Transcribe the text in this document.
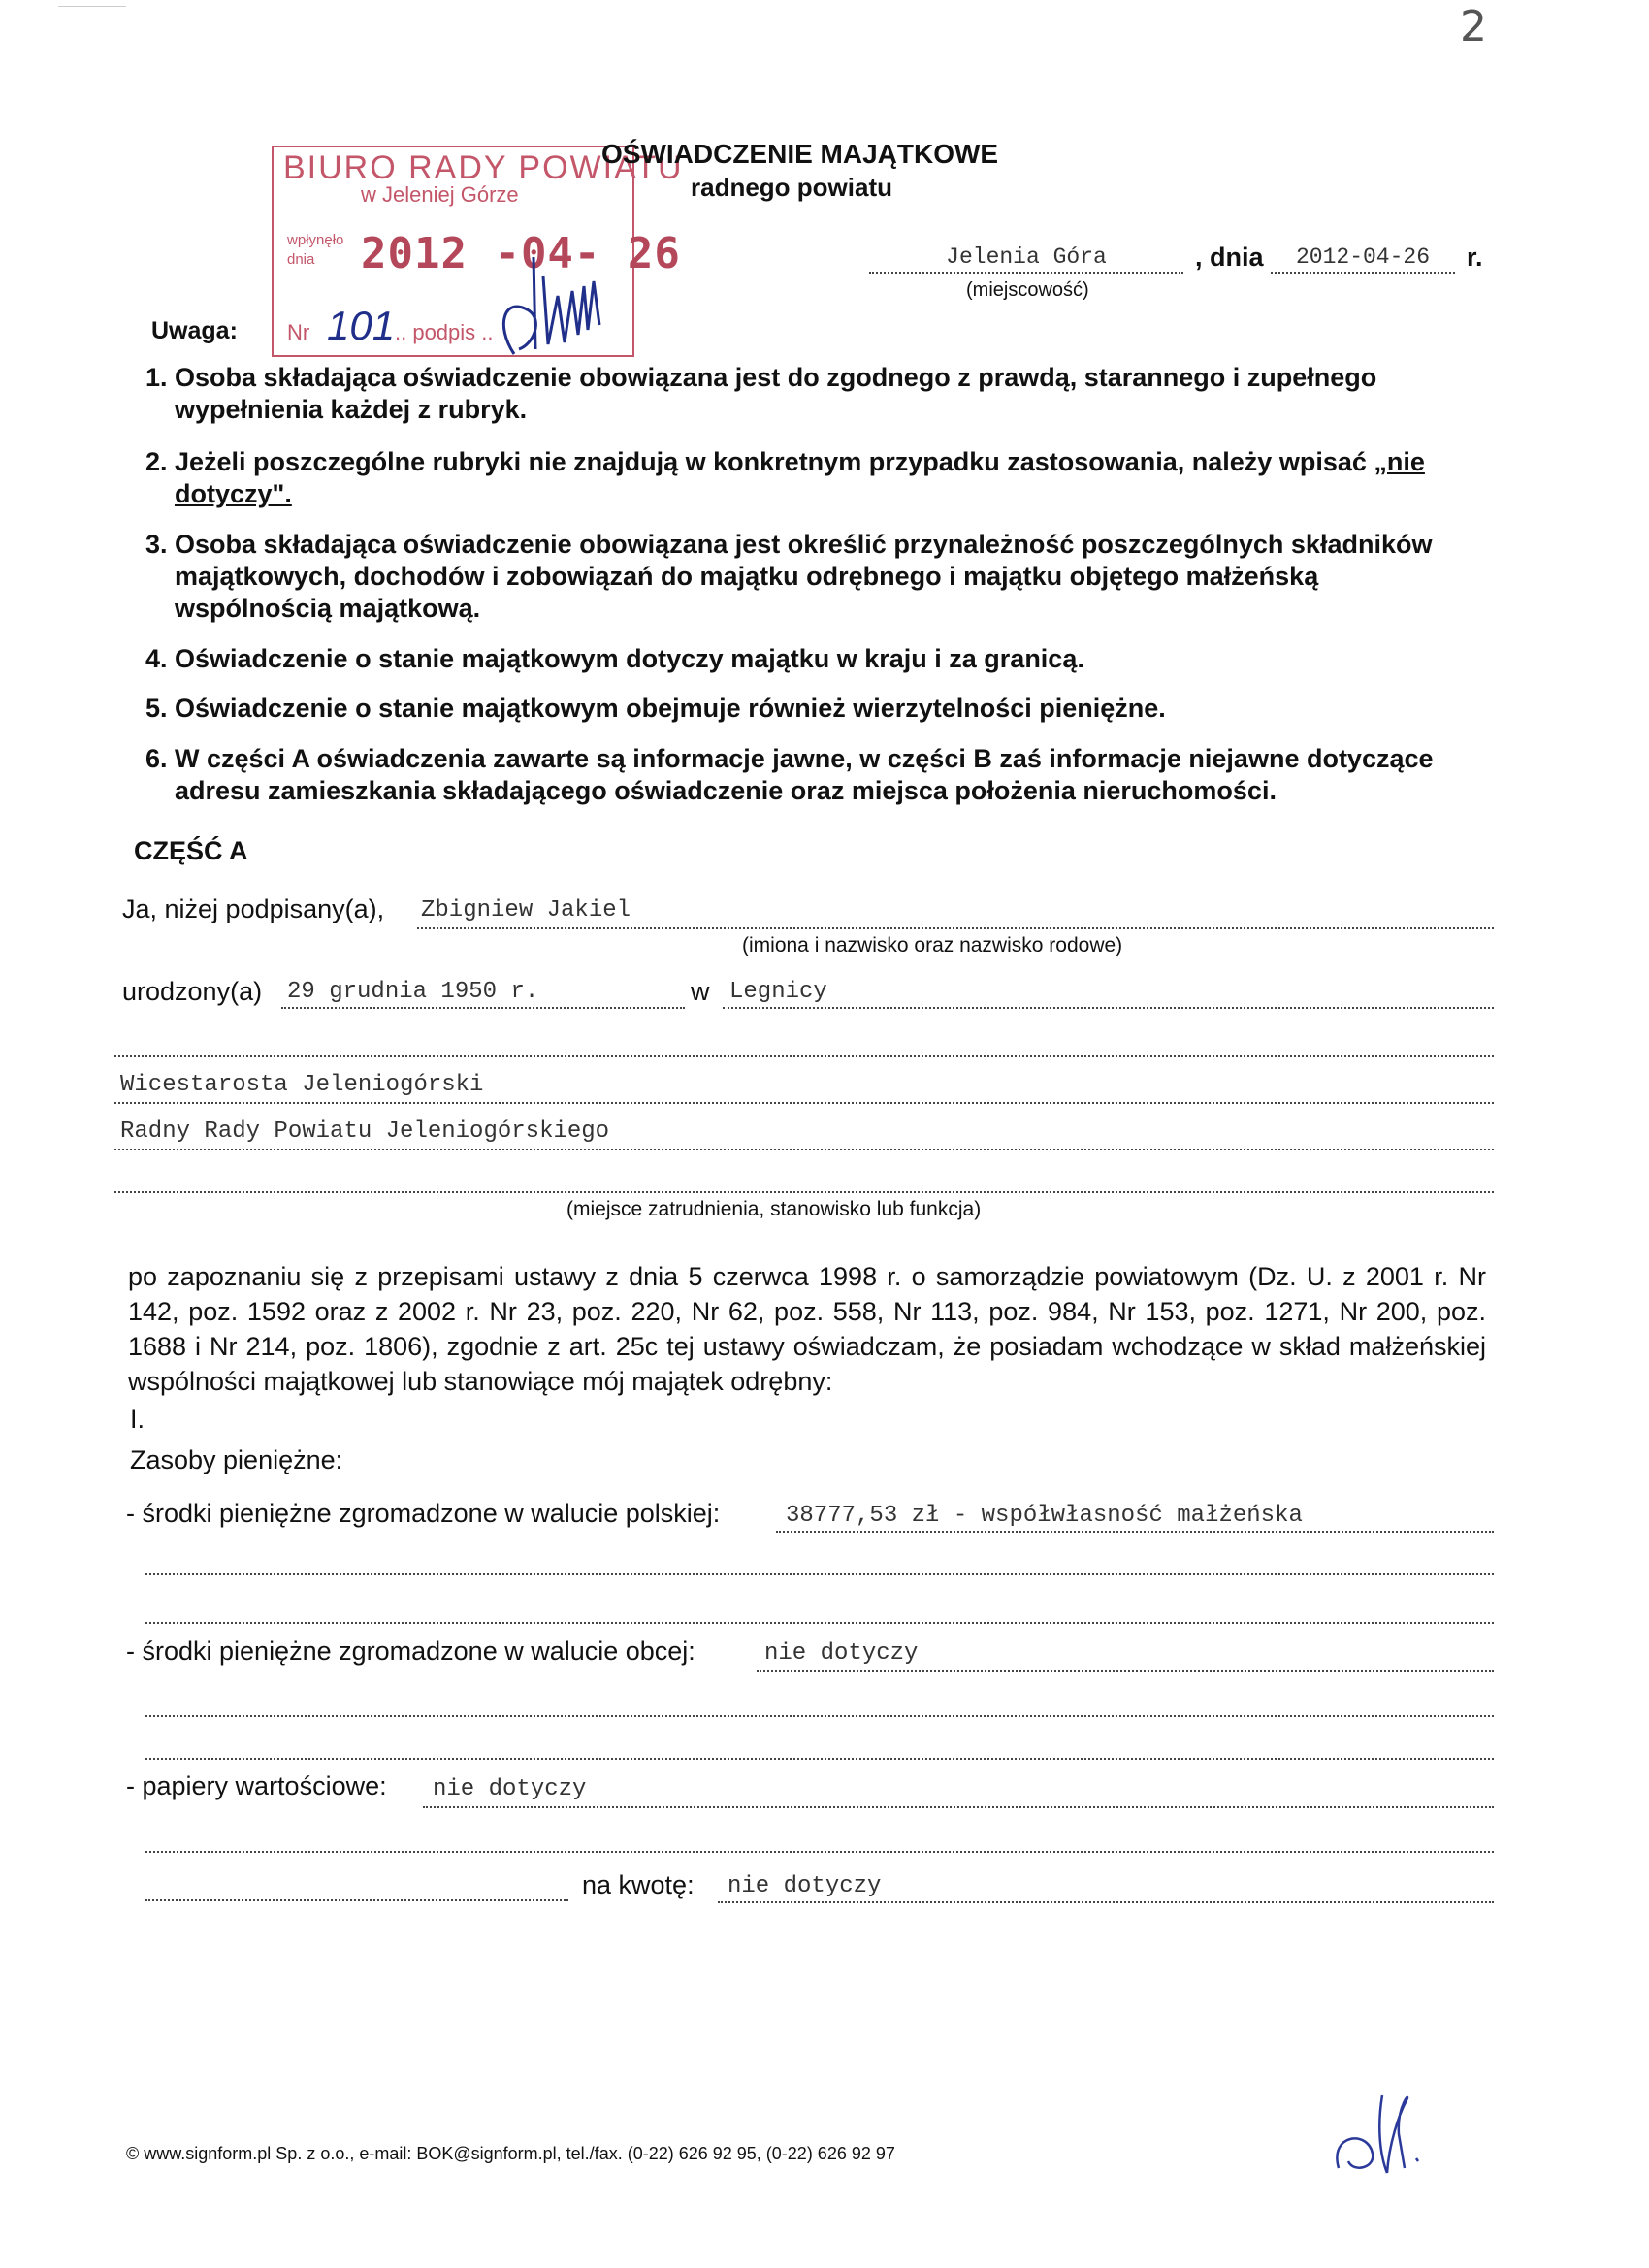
2
BIURO RADY POWIATU
w Jeleniej Górze
wpłynęło
dnia	2012 -04- 26
Nr 101 .. podpis ..
OŚWIADCZENIE MAJĄTKOWE
radnego powiatu
Jelenia Góra
(miejscowość)
, dnia	2012-04-26	r.
Uwaga:
1. Osoba składająca oświadczenie obowiązana jest do zgodnego z prawdą, starannego i zupełnego wypełnienia każdej z rubryk.
2. Jeżeli poszczególne rubryki nie znajdują w konkretnym przypadku zastosowania, należy wpisać „nie dotyczy".
3. Osoba składająca oświadczenie obowiązana jest określić przynależność poszczególnych składników majątkowych, dochodów i zobowiązań do majątku odrębnego i majątku objętego małżeńską wspólnością majątkową.
4. Oświadczenie o stanie majątkowym dotyczy majątku w kraju i za granicą.
5. Oświadczenie o stanie majątkowym obejmuje również wierzytelności pieniężne.
6. W części A oświadczenia zawarte są informacje jawne, w części B zaś informacje niejawne dotyczące adresu zamieszkania składającego oświadczenie oraz miejsca położenia nieruchomości.
CZĘŚĆ A
Ja, niżej podpisany(a), Zbigniew Jakiel
(imiona i nazwisko oraz nazwisko rodowe)
urodzony(a) 29 grudnia 1950 r.	w Legnicy
Wicestarosta Jeleniogórski
Radny Rady Powiatu Jeleniogórskiego
(miejsce zatrudnienia, stanowisko lub funkcja)
po zapoznaniu się z przepisami ustawy z dnia 5 czerwca 1998 r. o samorządzie powiatowym (Dz. U. z 2001 r. Nr 142, poz. 1592 oraz z 2002 r. Nr 23, poz. 220, Nr 62, poz. 558, Nr 113, poz. 984, Nr 153, poz. 1271, Nr 200, poz. 1688 i Nr 214, poz. 1806), zgodnie z art. 25c tej ustawy oświadczam, że posiadam wchodzące w skład małżeńskiej wspólności majątkowej lub stanowiące mój majątek odrębny:
I.
Zasoby pieniężne:
- środki pieniężne zgromadzone w walucie polskiej:	38777,53 zł - współwłasność małżeńska
- środki pieniężne zgromadzone w walucie obcej:	nie dotyczy
- papiery wartościowe: nie dotyczy
na kwotę: nie dotyczy
© www.signform.pl Sp. z o.o., e-mail: BOK@signform.pl, tel./fax. (0-22) 626 92 95, (0-22) 626 92 97
